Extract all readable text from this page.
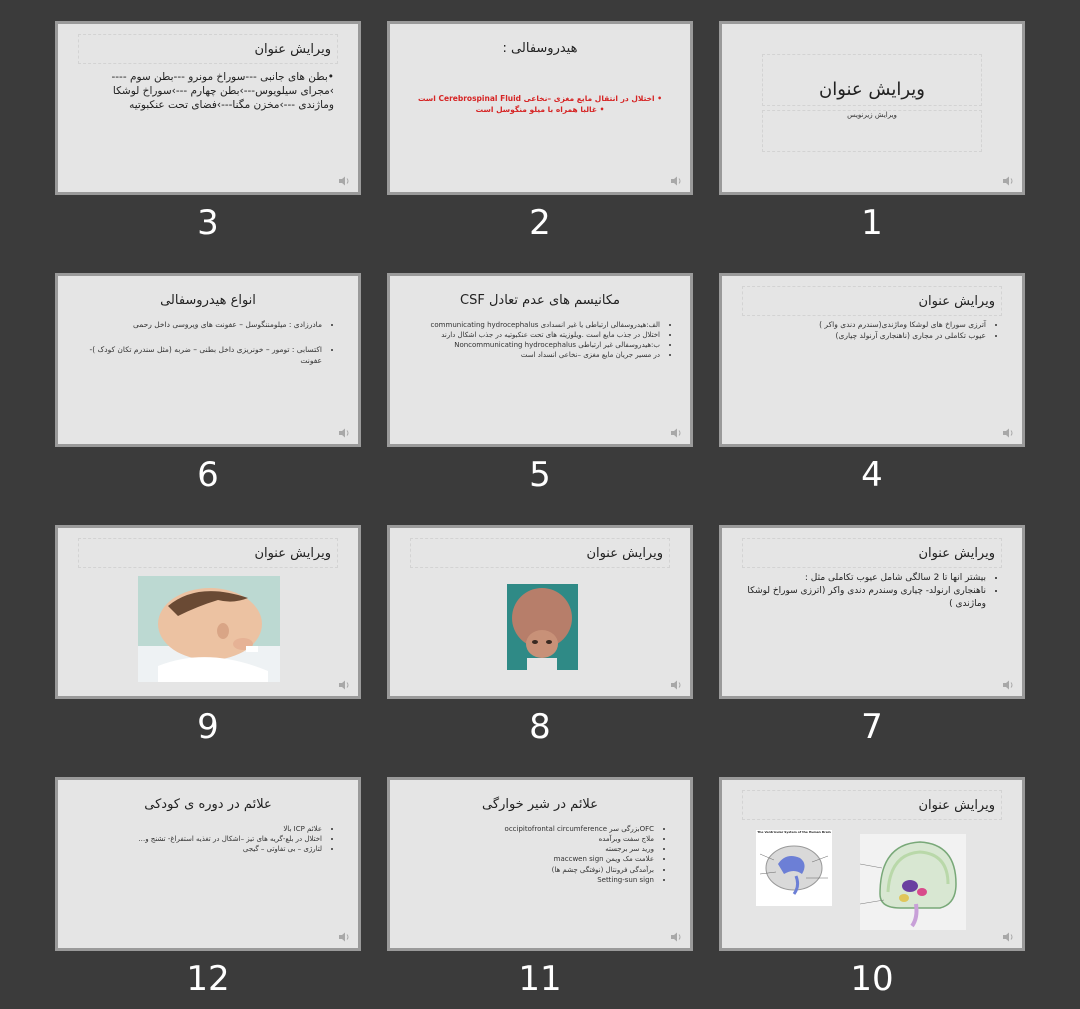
ویرایش عنوان
•بطن های جانبی ---سوراخ مونرو ---بطن سوم ----
›مجرای سیلویوس---›بطن چهارم ---›سوراخ لوشکا
وماژندی ---›مخزن مگنا---›فضای تحت عنکبوتیه
3
هیدروسفالی :
• اختلال در انتقال مایع مغزی –نخاعی Cerebrospinal Fluid است
• غالبا همراه با میلو منگوسل است
2
ویرایش عنوان
ویرایش زیرنویس
1
انواع هیدروسفالی
• مادرزادی : میلومننگوسل – عفونت های ویروسی داخل رحمی
• اکتسابی : تومور – خونریزی داخل بطنی – ضربه (مثل سندرم تکان کودک )- عفونت
6
مکانیسم های عدم تعادل CSF
• الف:هیدروسفالی ارتباطی یا غیر انسدادی communicating hydrocephalus
• اختلال در جذب مایع است .ویلوزیته های تحت عنکبوتیه در جذب اشکال دارند
• ب:هیدروسفالی غیر ارتباطی Noncommunicating hydrocephalus
• در مسیر جریان مایع مغزی –نخاعی انسداد است
5
ویرایش عنوان
• آترزی سوراخ های لوشکا وماژندی(سندرم دندی واکر )
• عیوب تکاملی در مجاری (ناهنجاری آرنولد چیاری)
4
ویرایش عنوان
9
ویرایش عنوان
8
ویرایش عنوان
• بیشتر انها تا 2 سالگی شامل عیوب تکاملی مثل :
• ناهنجاری ارنولد- چیاری وسندرم دندی واکر (اترزی سوراخ لوشکا وماژندی )
7
علائم در دوره ی کودکی
• علائم ICP بالا
• اختلال در بلع-گریه های تیز –اشکال در تغذیه استفراغ- تشنج و…
• لتارژی – بی تفاوتی – گیجی
12
علائم در شیر خوارگی
• OFCبزرگی سر occipitofrontal circumference
• ملاج سفت وبرآمده
• ورید سر برجسته
• علامت مک ویمن maccwen sign
• برآمدگی فرونتال (نوفتگی چشم ها)
• Setting-sun sign
11
ویرایش عنوان
The Ventricular System of the Human Brain
10
